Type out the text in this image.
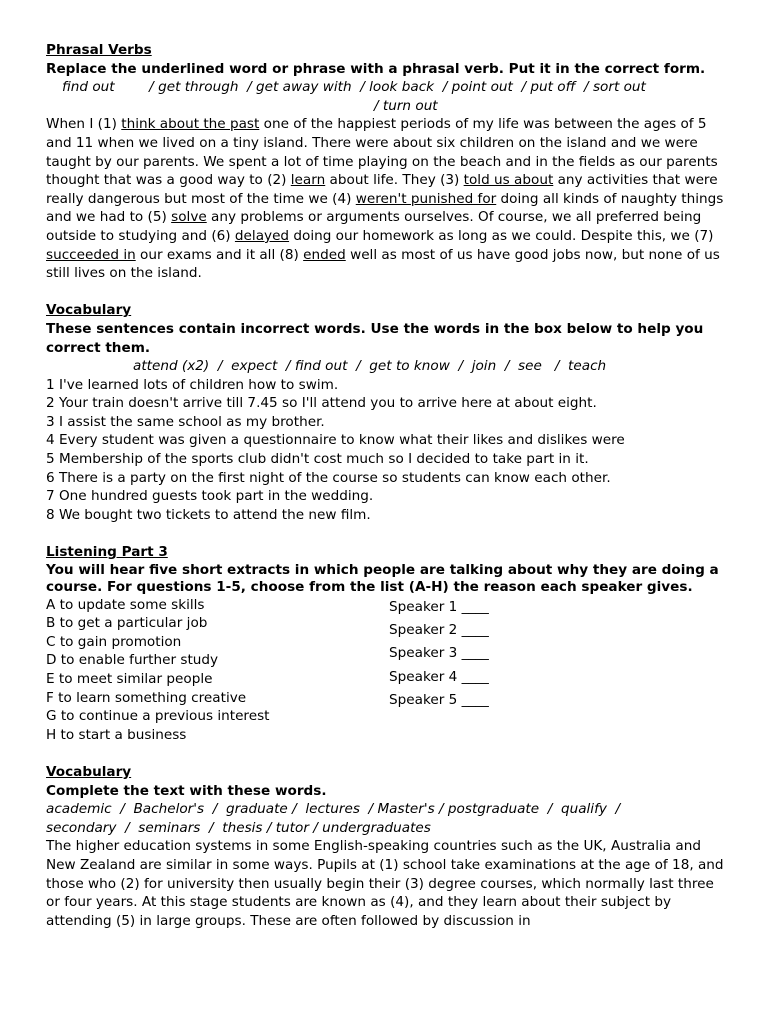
Phrasal Verbs
Replace the underlined word or phrase with a phrasal verb. Put it in the correct form.
find out        / get through  / get away with  / look back  / point out  / put off  / sort out
/ turn out
When I (1) think about the past one of the happiest periods of my life was between the ages of 5 and 11 when we lived on a tiny island. There were about six children on the island and we were taught by our parents. We spent a lot of time playing on the beach and in the fields as our parents thought that was a good way to (2) learn about life. They (3) told us about any activities that were really dangerous but most of the time we (4) weren't punished for doing all kinds of naughty things and we had to (5) solve any problems or arguments ourselves. Of course, we all preferred being outside to studying and (6) delayed doing our homework as long as we could. Despite this, we (7) succeeded in our exams and it all (8) ended well as most of us have good jobs now, but none of us still lives on the island.
Vocabulary
These sentences contain incorrect words. Use the words in the box below to help you correct them.
attend (x2)  /  expect  / find out  /  get to know  /  join  /  see   /  teach
1 I've learned lots of children how to swim.
2 Your train doesn't arrive till 7.45 so I'll attend you to arrive here at about eight.
3 I assist the same school as my brother.
4 Every student was given a questionnaire to know what their likes and dislikes were
5 Membership of the sports club didn't cost much so I decided to take part in it.
6 There is a party on the first night of the course so students can know each other.
7 One hundred guests took part in the wedding.
8 We bought two tickets to attend the new film.
Listening Part 3
You will hear five short extracts in which people are talking about why they are doing a course. For questions 1-5, choose from the list (A-H) the reason each speaker gives.
A to update some skills
B to get a particular job
C to gain promotion
D to enable further study
E to meet similar people
F to learn something creative
G to continue a previous interest
H to start a business
Speaker 1 ____
Speaker 2 ____
Speaker 3 ____
Speaker 4 ____
Speaker 5 ____
Vocabulary
Complete the text with these words.
academic  /  Bachelor's  /  graduate /  lectures  / Master's / postgraduate  /  qualify  /
secondary  /  seminars  /  thesis / tutor / undergraduates
The higher education systems in some English-speaking countries such as the UK, Australia and New Zealand are similar in some ways. Pupils at (1) school take examinations at the age of 18, and those who (2) for university then usually begin their (3) degree courses, which normally last three or four years. At this stage students are known as (4), and they learn about their subject by attending (5) in large groups. These are often followed by discussion in
